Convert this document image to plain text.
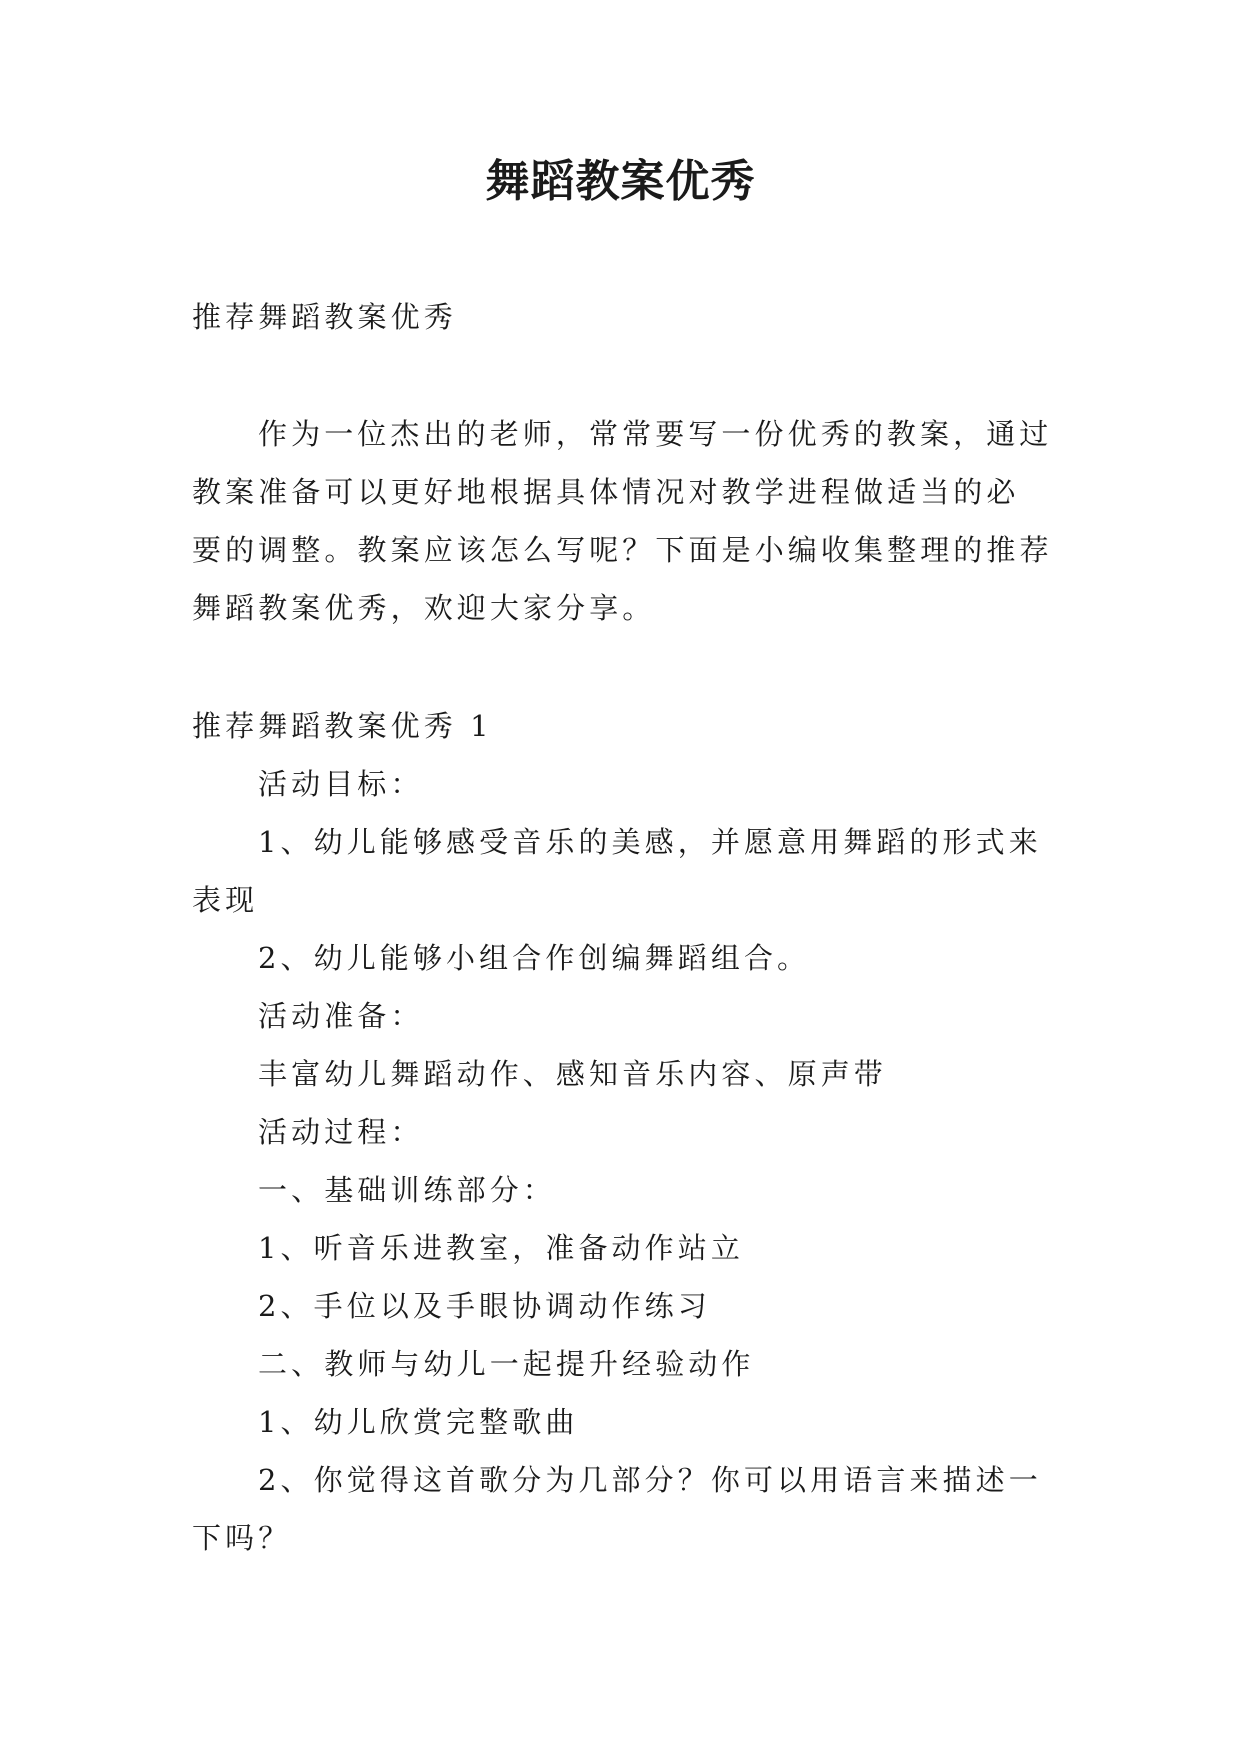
舞蹈教案优秀
推荐舞蹈教案优秀
作为一位杰出的老师，常常要写一份优秀的教案，通过
教案准备可以更好地根据具体情况对教学进程做适当的必
要的调整。教案应该怎么写呢？下面是小编收集整理的推荐
舞蹈教案优秀，欢迎大家分享。
推荐舞蹈教案优秀 1
活动目标：
1、幼儿能够感受音乐的美感，并愿意用舞蹈的形式来
表现
2、幼儿能够小组合作创编舞蹈组合。
活动准备：
丰富幼儿舞蹈动作、感知音乐内容、原声带
活动过程：
一、基础训练部分：
1、听音乐进教室，准备动作站立
2、手位以及手眼协调动作练习
二、教师与幼儿一起提升经验动作
1、幼儿欣赏完整歌曲
2、你觉得这首歌分为几部分？你可以用语言来描述一
下吗？
